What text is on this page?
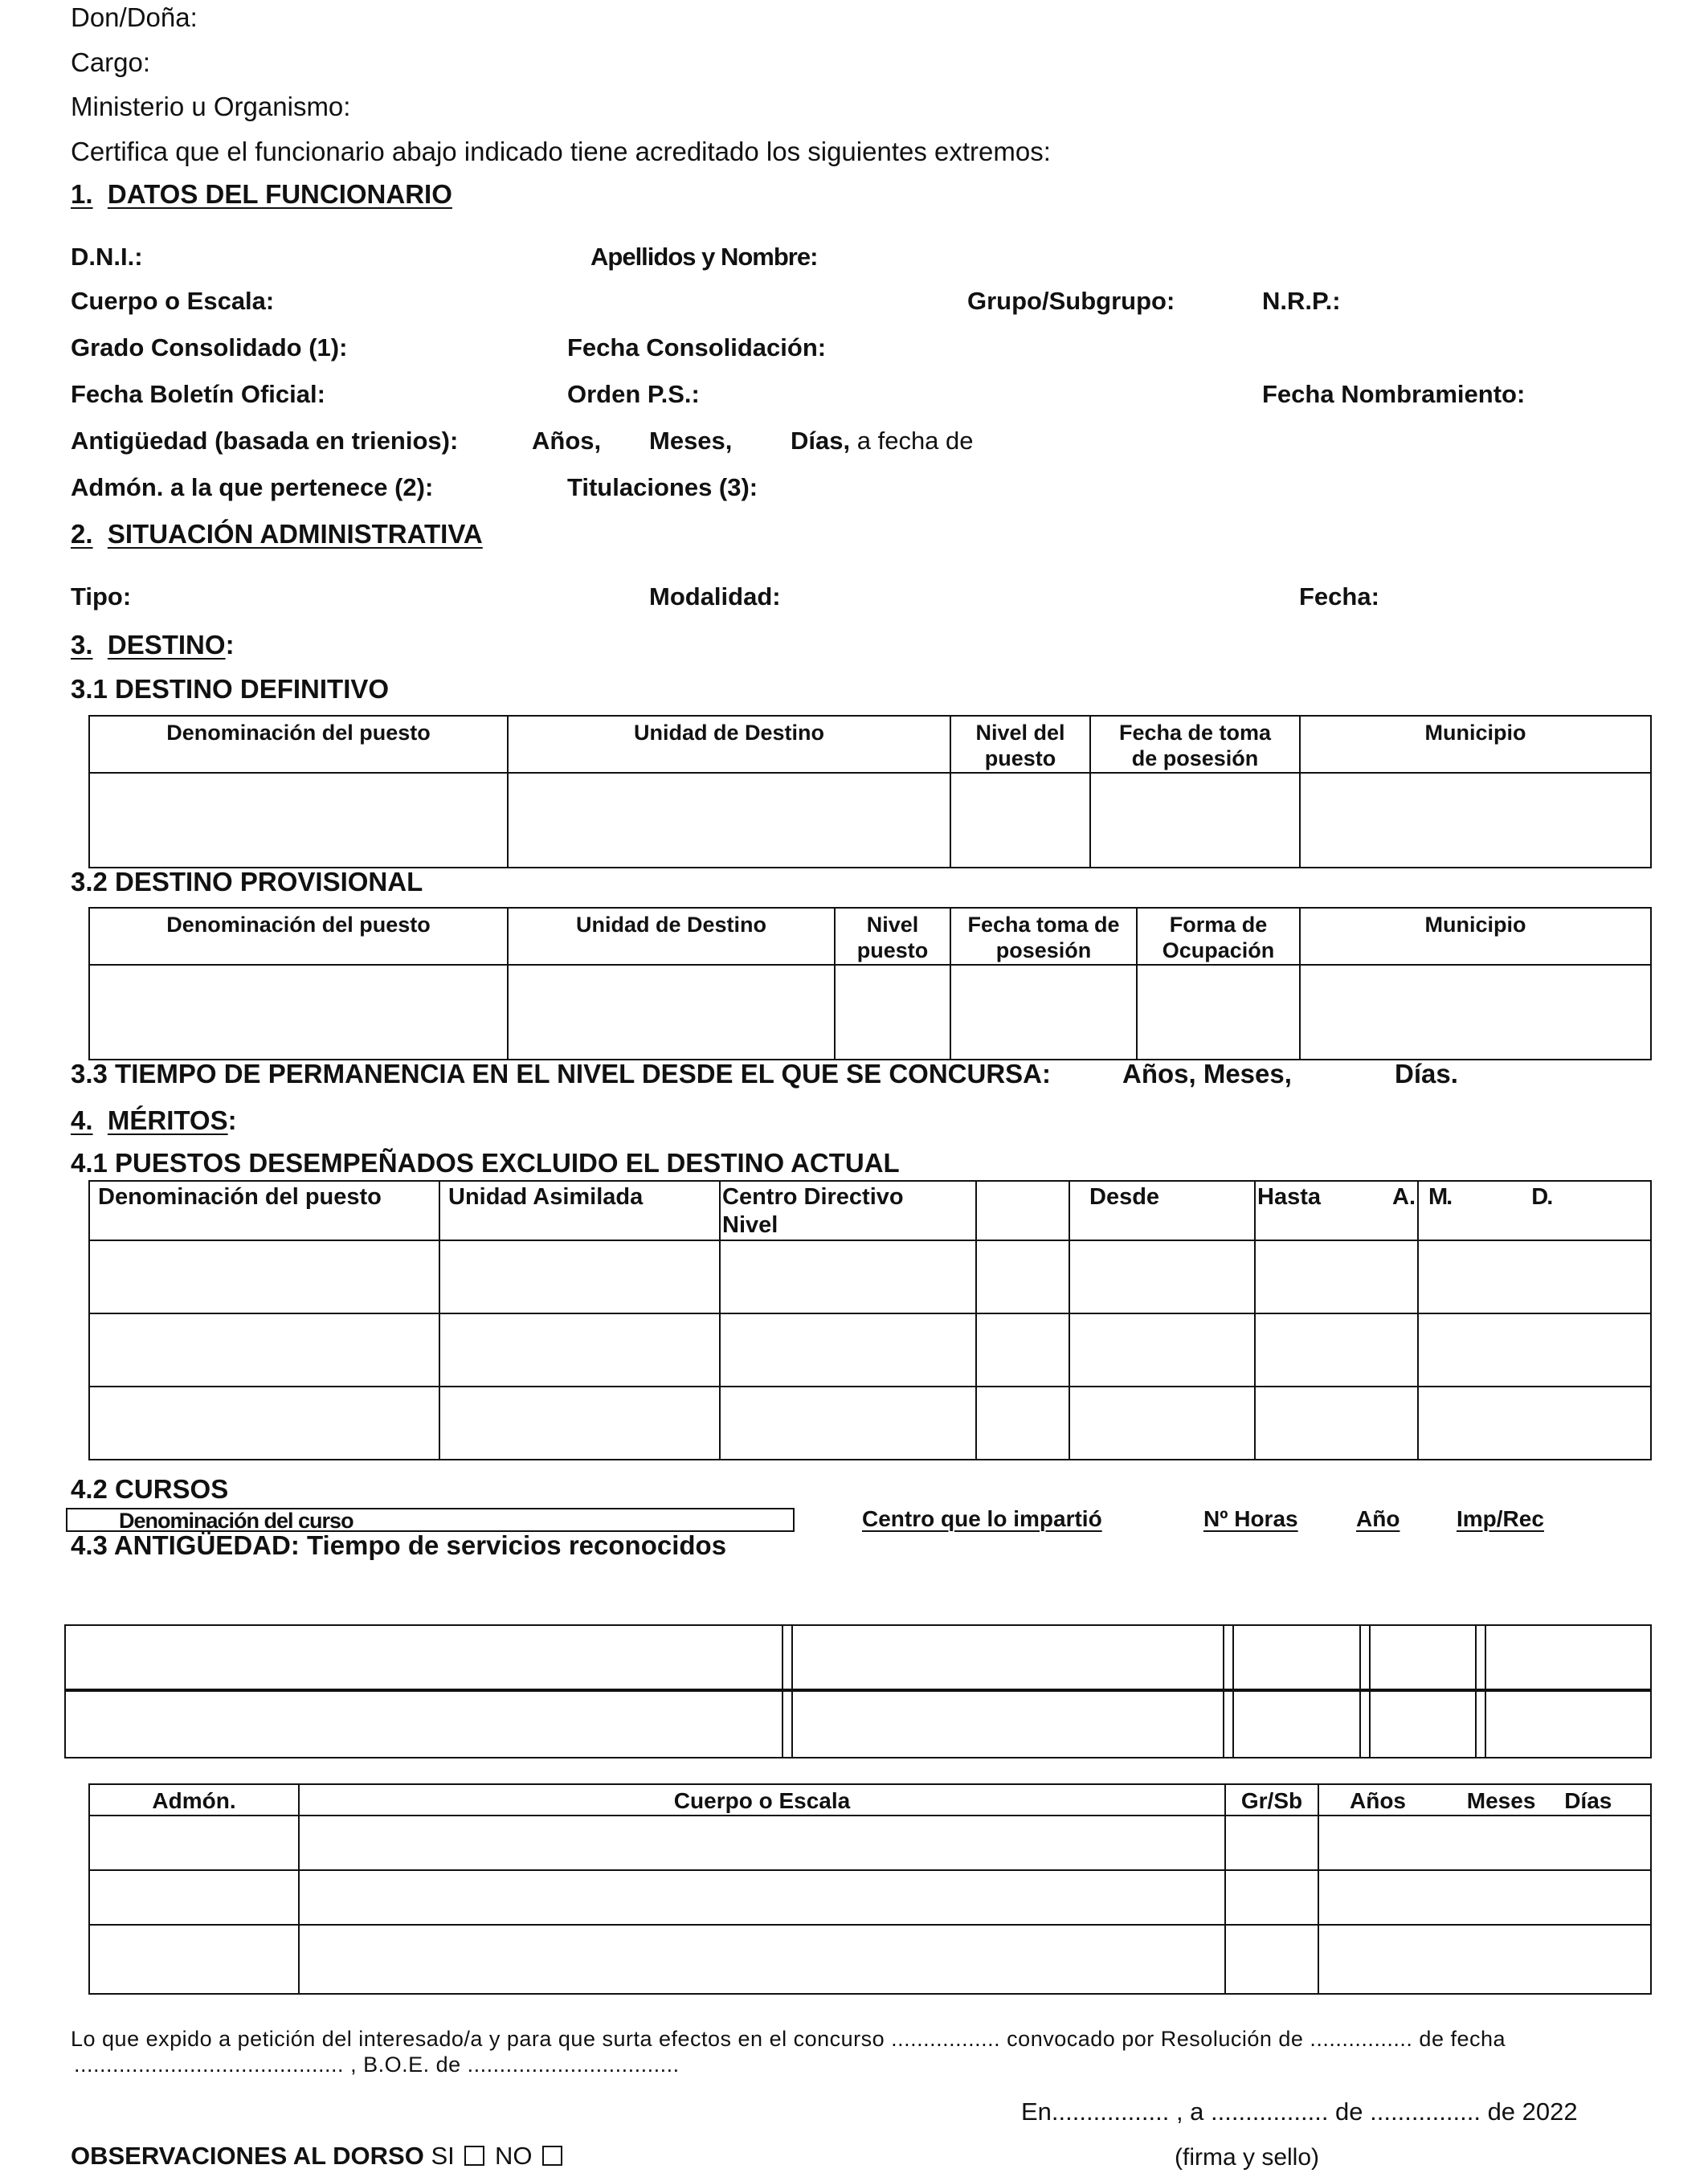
Don/Doña:
Cargo:
Ministerio u Organismo:
Certifica que el funcionario abajo indicado tiene acreditado los siguientes extremos:
1. DATOS DEL FUNCIONARIO
D.N.I.:	Apellidos y Nombre:
Cuerpo o Escala:	Grupo/Subgrupo:	N.R.P.:
Grado Consolidado (1):	Fecha Consolidación:
Fecha Boletín Oficial:	Orden P.S.:	Fecha Nombramiento:
Antigüedad (basada en trienios):	Años, Meses, Días, a fecha de
Admón. a la que pertenece (2):	Titulaciones (3):
2. SITUACIÓN ADMINISTRATIVA
Tipo:	Modalidad:	Fecha:
3. DESTINO:
3.1 DESTINO DEFINITIVO
Denominación del puesto	Unidad de Destino	Nivel del puesto	Fecha de toma de posesión	Municipio

3.2 DESTINO PROVISIONAL
Denominación del puesto	Unidad de Destino	Nivel puesto	Fecha toma de posesión	Forma de Ocupación	Municipio

3.3 TIEMPO DE PERMANENCIA EN EL NIVEL DESDE EL QUE SE CONCURSA:	Años, Meses,	Días.
4. MÉRITOS:
4.1 PUESTOS DESEMPEÑADOS EXCLUIDO EL DESTINO ACTUAL
Denominación del puesto	Unidad Asimilada	Centro Directivo   Nivel		Desde	Hasta A.	M. D.

4.2 CURSOS
Denominación del curso	Centro que lo impartió	Nº Horas	Año	Imp/Rec
4.3 ANTIGÜEDAD: Tiempo de servicios reconocidos
Admón.	Cuerpo o Escala	Gr/Sb	Años Meses Días

Lo que expido a petición del interesado/a y para que surta efectos en el concurso ................. convocado por Resolución de ................ de fecha
.......................................... , B.O.E. de .................................
En................. , a ................. de ................ de 2022
OBSERVACIONES AL DORSO SI NO	(firma y sello)
